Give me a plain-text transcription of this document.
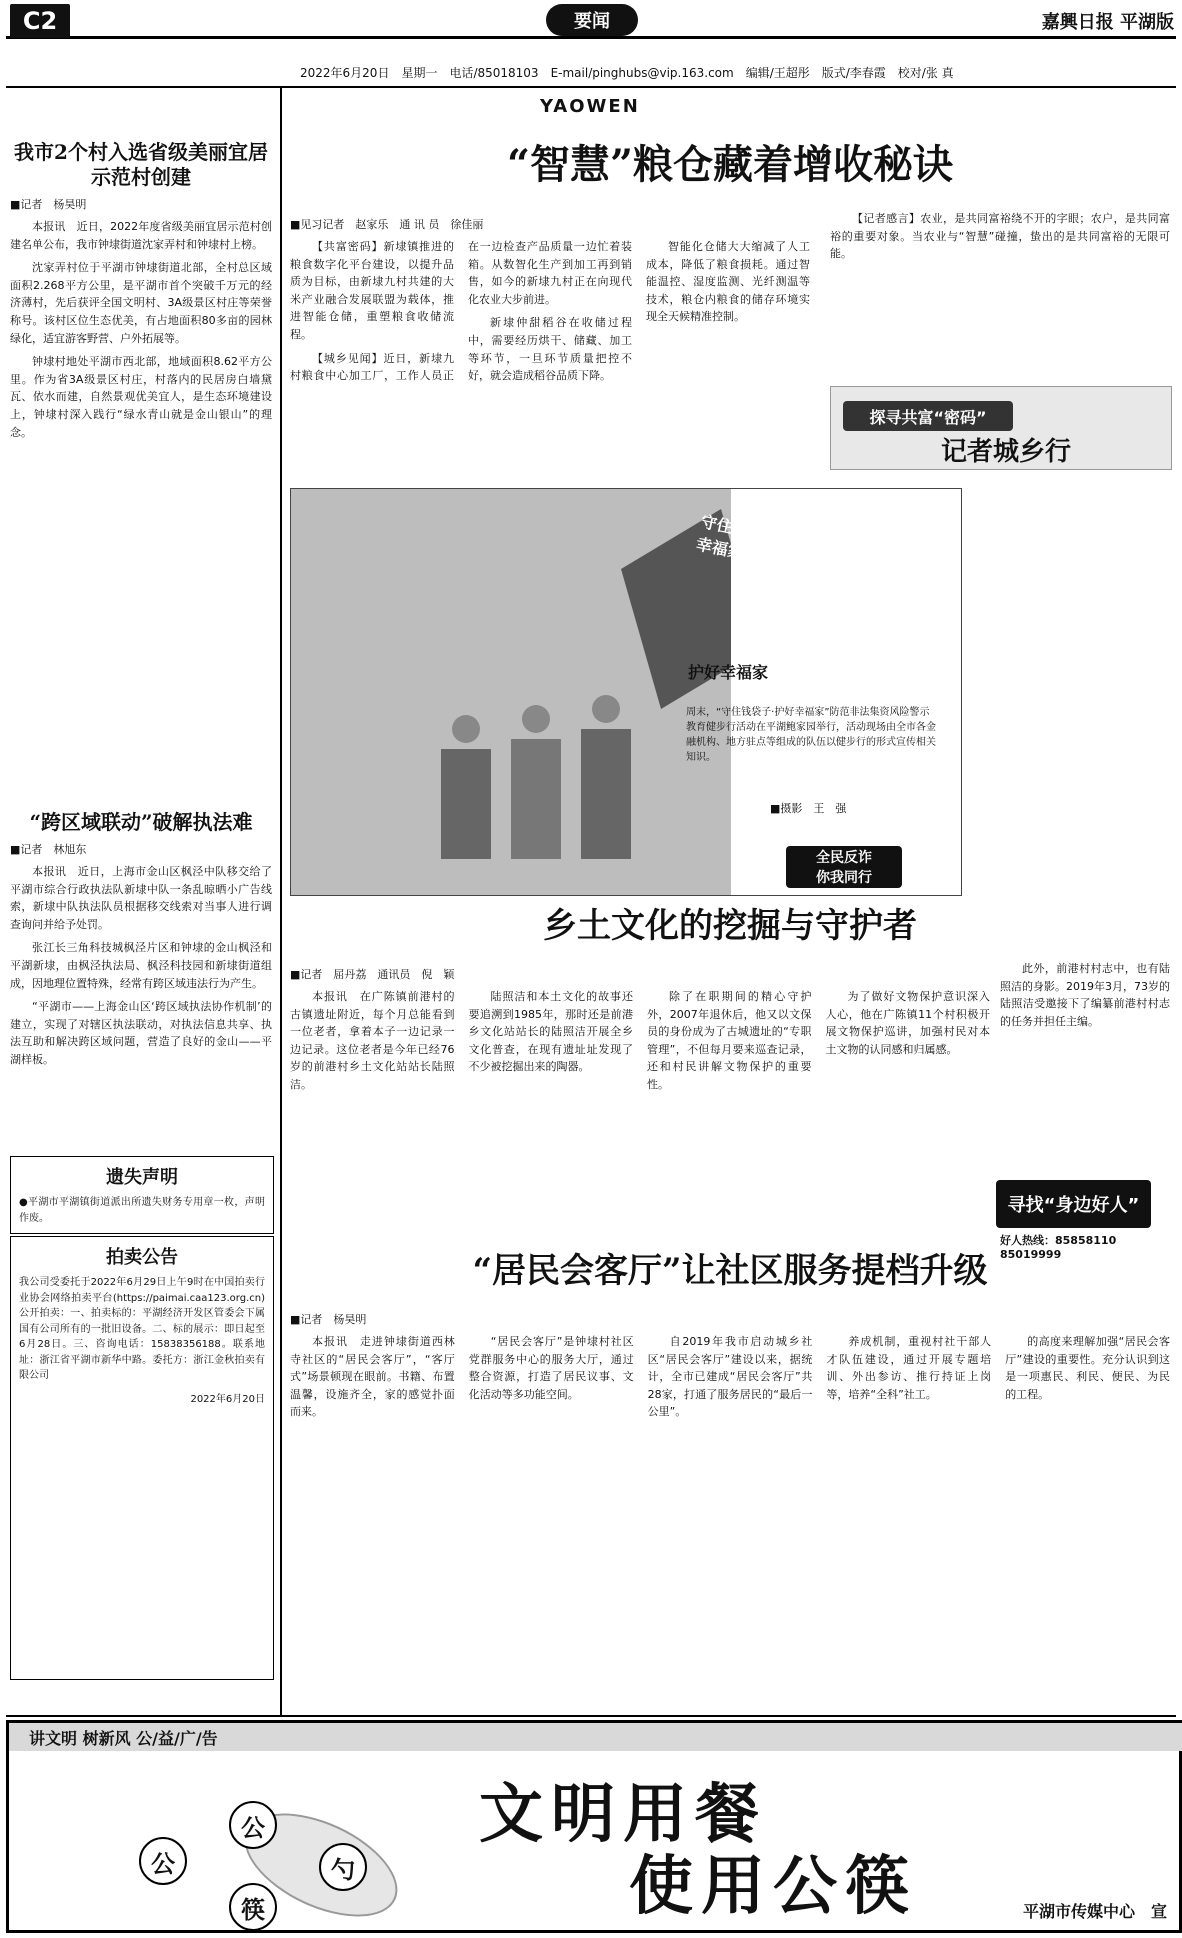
C2	要闻	嘉興日报 平湖版
2022年6月20日　星期一　电话/85018103　E-mail/pinghubs@vip.163.com　编辑/王超彤　版式/李春霞　校对/张 真
YAOWEN
我市2个村入选省级美丽宜居示范村创建
■记者　杨昊明

本报讯　近日，2022年度省级美丽宜居示范村创建名单公布，我市钟埭街道沈家弄村和钟埭村上榜。

沈家弄村位于平湖市钟埭街道北部，全村总区域面积2.268平方公里，是平湖市首个突破千万元的经济薄村，先后获评全国文明村、3A级景区村庄等荣誉称号。该村区位生态优美，有占地面积80多亩的园林绿化，适宜游客野营、户外拓展等。

钟埭村地处平湖市西北部，地域面积8.62平方公里。作为省3A级景区村庄，村落内的民居房白墙黛瓦、依水而建，自然景观优美宜人，是生态环境建设上，钟埭村深入践行“绿水青山就是金山银山”的理念。

“跨区域联动”破解执法难
■记者　林旭东

本报讯　近日，上海市金山区枫泾中队移交给了平湖市综合行政执法队新埭中队一条乱晾晒小广告线索，新埭中队执法队员根据移交线索对当事人进行调查询问并给予处罚。

张江长三角科技城枫泾片区和钟埭的金山枫泾和平湖新埭，由枫泾执法局、枫泾科技园和新埭街道组成，因地理位置特殊，经常有跨区域违法行为产生。

“平湖市——上海金山区‘跨区域执法协作机制’的建立，实现了对辖区执法联动，对执法信息共享、执法互助和解决跨区域问题，营造了良好的金山——平湖样板。

遗失声明
●平湖市平湖镇街道派出所遗失财务专用章一枚，声明作废。
拍卖公告
我公司受委托于2022年6月29日上午9时在中国拍卖行业协会网络拍卖平台(https://paimai.caa123.org.cn)公开拍卖：一、拍卖标的：平湖经济开发区管委会下属国有公司所有的一批旧设备。二、标的展示：即日起至6月28日。三、咨询电话：15838356188。联系地址：浙江省平湖市新华中路。委托方：浙江金秋拍卖有限公司
2022年6月20日
“智慧”粮仓藏着增收秘诀
■见习记者　赵家乐　通 讯 员　徐佳丽

【共富密码】新埭镇推进的粮食数字化平台建设，以提升品质为目标，由新埭九村共建的大米产业融合发展联盟为载体，推进智能仓储，重塑粮食收储流程。

【城乡见闻】近日，新埭九村粮食中心加工厂，工作人员正在一边检查产品质量一边忙着装箱。从数智化生产到加工再到销售，如今的新埭九村正在向现代化农业大步前进。

新埭仲甜稻谷在收储过程中，需要经历烘干、储藏、加工等环节，一旦环节质量把控不好，就会造成稻谷品质下降。

智能化仓储大大缩减了人工成本，降低了粮食损耗。通过智能温控、湿度监测、光纤测温等技术，粮仓内粮食的储存环境实现全天候精准控制。

【记者感言】农业，是共同富裕绕不开的字眼；农户，是共同富裕的重要对象。当农业与“智慧”碰撞，蛰出的是共同富裕的无限可能。

探寻共富“密码”
记者城乡行
守住钱袋子 护好幸福家
护好幸福家
周末，“守住钱袋子·护好幸福家”防范非法集资风险警示教育健步行活动在平湖鲍家园举行，活动现场由全市各金融机构、地方驻点等组成的队伍以健步行的形式宣传相关知识。
■摄影　王　强
全民反诈
你我同行
乡土文化的挖掘与守护者
■记者　屈丹荔　通讯员　倪　颖

本报讯　在广陈镇前港村的古镇遗址附近，每个月总能看到一位老者，拿着本子一边记录一边记录。这位老者是今年已经76岁的前港村乡土文化站站长陆照洁。

陆照洁和本土文化的故事还要追溯到1985年，那时还是前港乡文化站站长的陆照洁开展全乡文化普查，在现有遗址址发现了不少被挖掘出来的陶器。

除了在职期间的精心守护外，2007年退休后，他又以文保员的身份成为了古城遗址的“专职管理”，不但每月要来巡查记录，还和村民讲解文物保护的重要性。

为了做好文物保护意识深入人心，他在广陈镇11个村积极开展文物保护巡讲，加强村民对本土文物的认同感和归属感。

此外，前港村村志中，也有陆照洁的身影。2019年3月，73岁的陆照洁受邀接下了编纂前港村村志的任务并担任主编。

寻找“身边好人”
好人热线：85858110　85019999
“居民会客厅”让社区服务提档升级
■记者　杨昊明

本报讯　走进钟埭街道西林寺社区的“居民会客厅”，“客厅式”场景顿现在眼前。书籍、布置温馨，设施齐全，家的感觉扑面而来。

“居民会客厅”是钟埭村社区党群服务中心的服务大厅，通过整合资源，打造了居民议事、文化活动等多功能空间。

自2019年我市启动城乡社区“居民会客厅”建设以来，据统计，全市已建成“居民会客厅”共28家，打通了服务居民的“最后一公里”。

养成机制，重视村社干部人才队伍建设，通过开展专题培训、外出参访、推行持证上岗等，培养“全科”社工。

的高度来理解加强“居民会客厅”建设的重要性。充分认识到这是一项惠民、利民、便民、为民的工程。

讲文明 树新风 公/益/广/告
公
勺
公
筷
文明用餐
使用公筷	平湖市传媒中心　宣
